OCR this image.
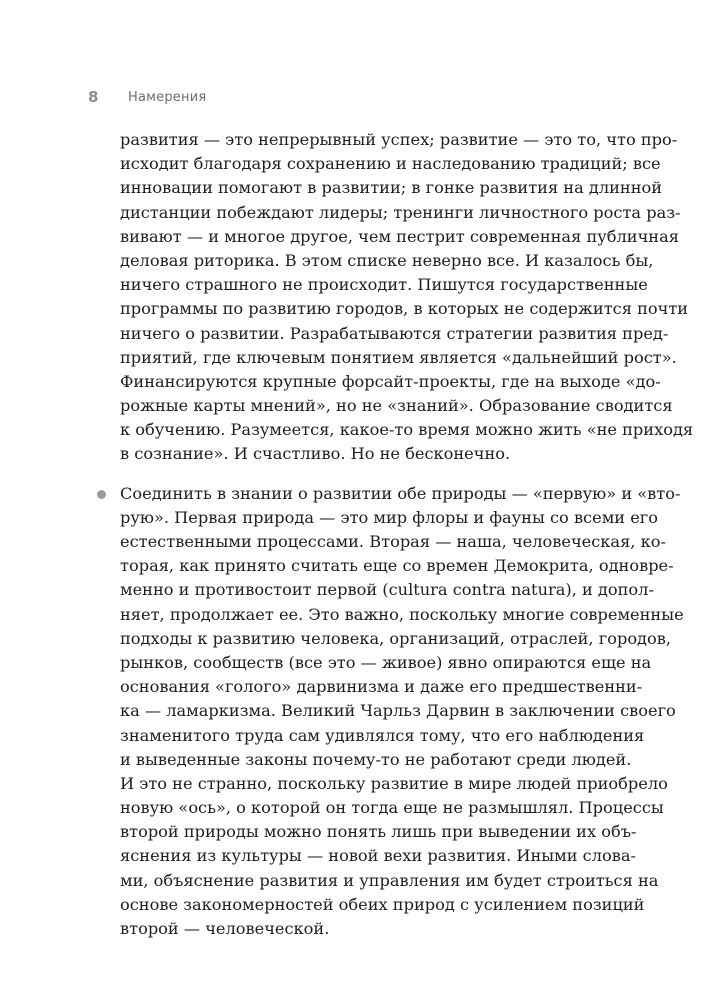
8	Намерения
развития — это непрерывный успех; развитие — это то, что про-
исходит благодаря сохранению и наследованию традиций; все
инновации помогают в развитии; в гонке развития на длинной
дистанции побеждают лидеры; тренинги личностного роста раз-
вивают — и многое другое, чем пестрит современная публичная
деловая риторика. В этом списке неверно все. И казалось бы,
ничего страшного не происходит. Пишутся государственные
программы по развитию городов, в которых не содержится почти
ничего о развитии. Разрабатываются стратегии развития пред-
приятий, где ключевым понятием является «дальнейший рост».
Финансируются крупные форсайт-проекты, где на выходе «до-
рожные карты мнений», но не «знаний». Образование сводится
к обучению. Разумеется, какое-то время можно жить «не приходя
в сознание». И счастливо. Но не бесконечно.
Соединить в знании о развитии обе природы — «первую» и «вто-
рую». Первая природа — это мир флоры и фауны со всеми его
естественными процессами. Вторая — наша, человеческая, ко-
торая, как принято считать еще со времен Демокрита, одновре-
менно и противостоит первой (cultura contra natura), и допол-
няет, продолжает ее. Это важно, поскольку многие современные
подходы к развитию человека, организаций, отраслей, городов,
рынков, сообществ (все это — живое) явно опираются еще на
основания «голого» дарвинизма и даже его предшественни-
ка — ламаркизма. Великий Чарльз Дарвин в заключении своего
знаменитого труда сам удивлялся тому, что его наблюдения
и выведенные законы почему-то не работают среди людей.
И это не странно, поскольку развитие в мире людей приобрело
новую «ось», о которой он тогда еще не размышлял. Процессы
второй природы можно понять лишь при выведении их объ-
яснения из культуры — новой вехи развития. Иными слова-
ми, объяснение развития и управления им будет строиться на
основе закономерностей обеих природ с усилением позиций
второй — человеческой.
